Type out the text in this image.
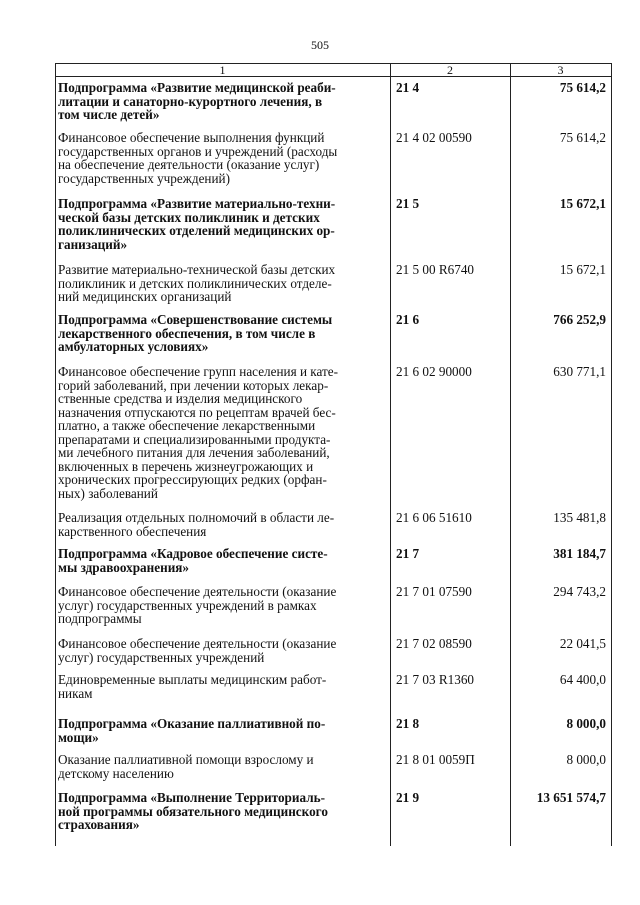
505
1	2	3
Подпрограмма «Развитие медицинской реаби-
литации и санаторно-курортного лечения, в
том числе детей»
21 4	75 614,2
Финансовое обеспечение выполнения функций
государственных органов и учреждений (расходы
на обеспечение деятельности (оказание услуг)
государственных учреждений)
21 4 02 00590	75 614,2
Подпрограмма «Развитие материально-техни-
ческой базы детских поликлиник и детских
поликлинических отделений медицинских ор-
ганизаций»
21 5	15 672,1
Развитие материально-технической базы детских
поликлиник и детских поликлинических отделе-
ний медицинских организаций
21 5 00 R6740	15 672,1
Подпрограмма «Совершенствование системы
лекарственного обеспечения, в том числе в
амбулаторных условиях»
21 6	766 252,9
Финансовое обеспечение групп населения и кате-
горий заболеваний, при лечении которых лекар-
ственные средства и изделия медицинского
назначения отпускаются по рецептам врачей бес-
платно, а также обеспечение лекарственными
препаратами и специализированными продукта-
ми лечебного питания для лечения заболеваний,
включенных в перечень жизнеугрожающих и
хронических прогрессирующих редких (орфан-
ных) заболеваний
21 6 02 90000	630 771,1
Реализация отдельных полномочий в области ле-
карственного обеспечения
21 6 06 51610	135 481,8
Подпрограмма «Кадровое обеспечение систе-
мы здравоохранения»
21 7	381 184,7
Финансовое обеспечение деятельности (оказание
услуг) государственных учреждений в рамках
подпрограммы
21 7 01 07590	294 743,2
Финансовое обеспечение деятельности (оказание
услуг) государственных учреждений
21 7 02 08590	22 041,5
Единовременные выплаты медицинским работ-
никам
21 7 03 R1360	64 400,0
Подпрограмма «Оказание паллиативной по-
мощи»
21 8	8 000,0
Оказание паллиативной помощи взрослому и
детскому населению
21 8 01 0059П	8 000,0
Подпрограмма «Выполнение Территориаль-
ной программы обязательного медицинского
страхования»
21 9	13 651 574,7
